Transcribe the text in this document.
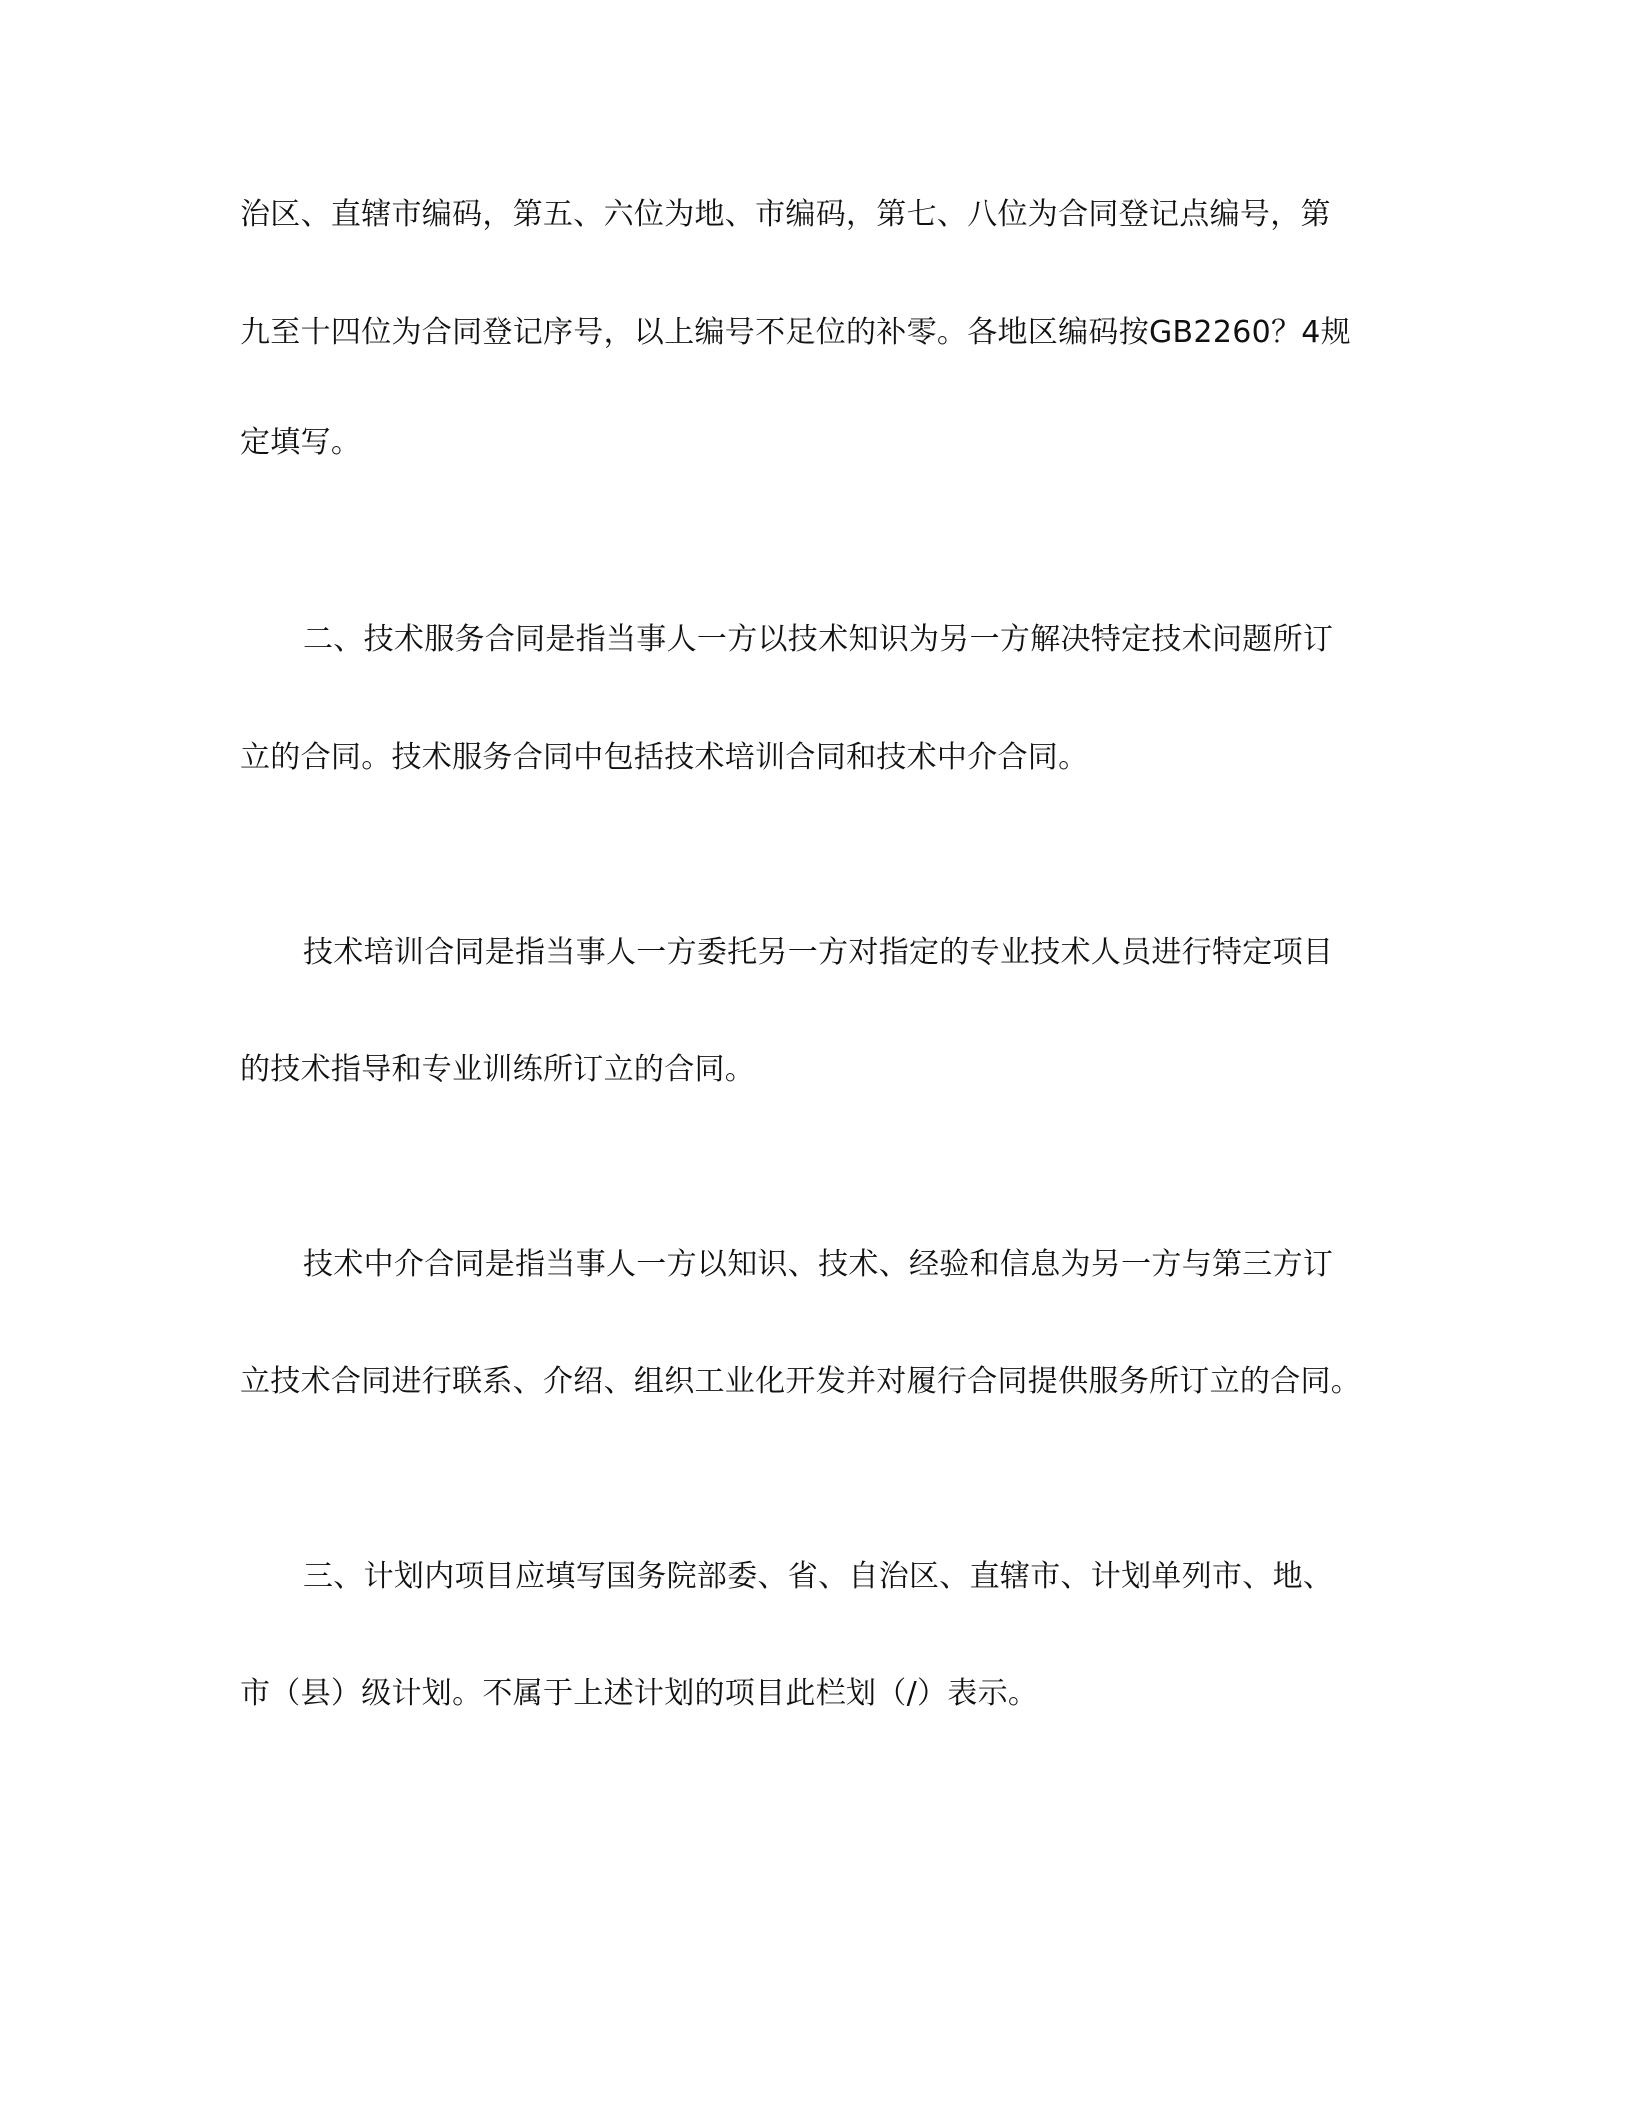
治区、直辖市编码，第五、六位为地、市编码，第七、八位为合同登记点编号，第
九至十四位为合同登记序号，以上编号不足位的补零。各地区编码按GB2260？4规
定填写。
二、技术服务合同是指当事人一方以技术知识为另一方解决特定技术问题所订
立的合同。技术服务合同中包括技术培训合同和技术中介合同。
技术培训合同是指当事人一方委托另一方对指定的专业技术人员进行特定项目
的技术指导和专业训练所订立的合同。
技术中介合同是指当事人一方以知识、技术、经验和信息为另一方与第三方订
立技术合同进行联系、介绍、组织工业化开发并对履行合同提供服务所订立的合同。
三、计划内项目应填写国务院部委、省、自治区、直辖市、计划单列市、地、
市（县）级计划。不属于上述计划的项目此栏划（/）表示。
